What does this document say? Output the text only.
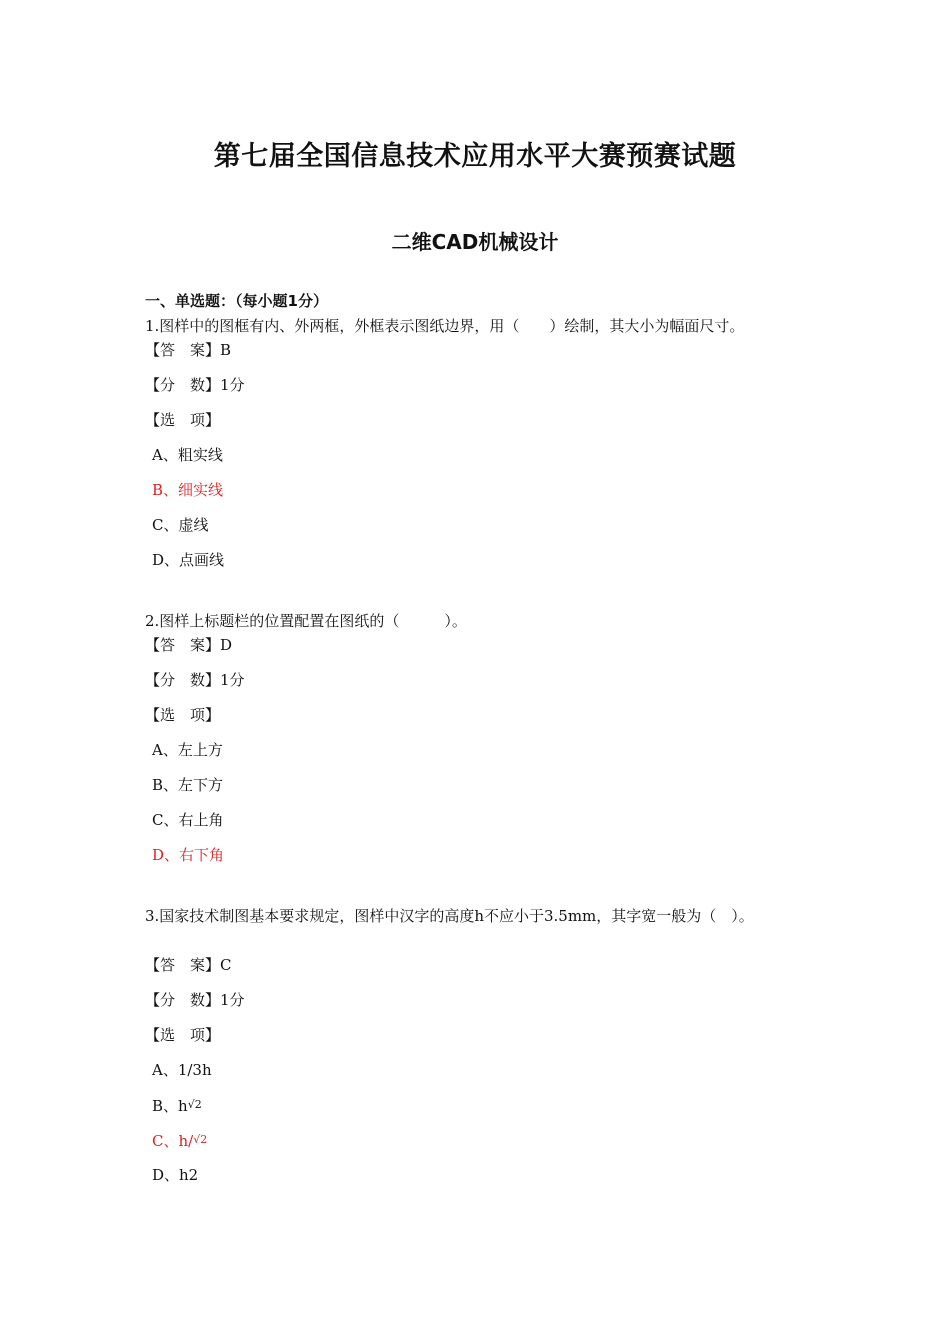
第七届全国信息技术应用水平大赛预赛试题
二维CAD机械设计
一、单选题：（每小题1分）
1.图样中的图框有内、外两框，外框表示图纸边界，用（　　）绘制，其大小为幅面尺寸。
【答　案】B
【分　数】1分
【选　项】
A、粗实线
B、细实线
C、虚线
D、点画线
2.图样上标题栏的位置配置在图纸的（　　　）。
【答　案】D
【分　数】1分
【选　项】
A、左上方
B、左下方
C、右上角
D、右下角
3.国家技术制图基本要求规定，图样中汉字的高度h不应小于3.5mm，其字宽一般为（　）。
【答　案】C
【分　数】1分
【选　项】
A、1/3h
B、$h^{√2}$
C、h/$^{√2}$
D、h2
